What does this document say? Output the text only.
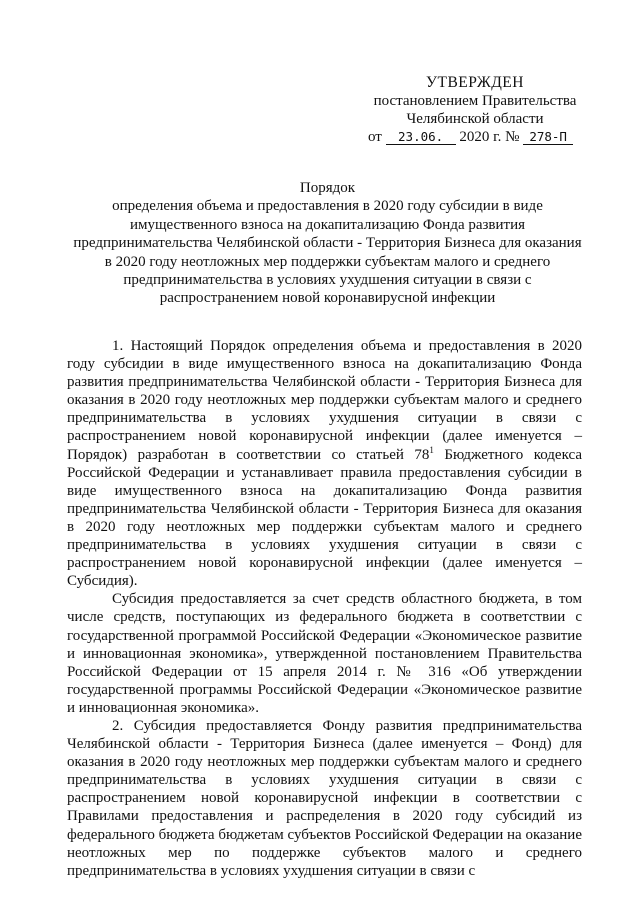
УТВЕРЖДЕН
постановлением Правительства
Челябинской области
от 23.06. 2020 г. № 278-П
Порядок
определения объема и предоставления в 2020 году субсидии в виде
имущественного взноса на докапитализацию Фонда развития
предпринимательства Челябинской области - Территория Бизнеса для оказания
в 2020 году неотложных мер поддержки субъектам малого и среднего
предпринимательства в условиях ухудшения ситуации в связи с
распространением новой коронавирусной инфекции

1. Настоящий Порядок определения объема и предоставления в 2020 году субсидии в виде имущественного взноса на докапитализацию Фонда развития предпринимательства Челябинской области - Территория Бизнеса для оказания в 2020 году неотложных мер поддержки субъектам малого и среднего предпринимательства в условиях ухудшения ситуации в связи с распространением новой коронавирусной инфекции (далее именуется – Порядок) разработан в соответствии со статьей $78^1$ Бюджетного кодекса Российской Федерации и устанавливает правила предоставления субсидии в виде имущественного взноса на докапитализацию Фонда развития предпринимательства Челябинской области - Территория Бизнеса для оказания в 2020 году неотложных мер поддержки субъектам малого и среднего предпринимательства в условиях ухудшения ситуации в связи с распространением новой коронавирусной инфекции (далее именуется – Субсидия).

Субсидия предоставляется за счет средств областного бюджета, в том числе средств, поступающих из федерального бюджета в соответствии с государственной программой Российской Федерации «Экономическое развитие и инновационная экономика», утвержденной постановлением Правительства Российской Федерации от 15 апреля 2014 г. № 316 «Об утверждении государственной программы Российской Федерации «Экономическое развитие и инновационная экономика».

2. Субсидия предоставляется Фонду развития предпринимательства Челябинской области - Территория Бизнеса (далее именуется – Фонд) для оказания в 2020 году неотложных мер поддержки субъектам малого и среднего предпринимательства в условиях ухудшения ситуации в связи с распространением новой коронавирусной инфекции в соответствии с Правилами предоставления и распределения в 2020 году субсидий из федерального бюджета бюджетам субъектов Российской Федерации на оказание неотложных мер по поддержке субъектов малого и среднего предпринимательства в условиях ухудшения ситуации в связи с
